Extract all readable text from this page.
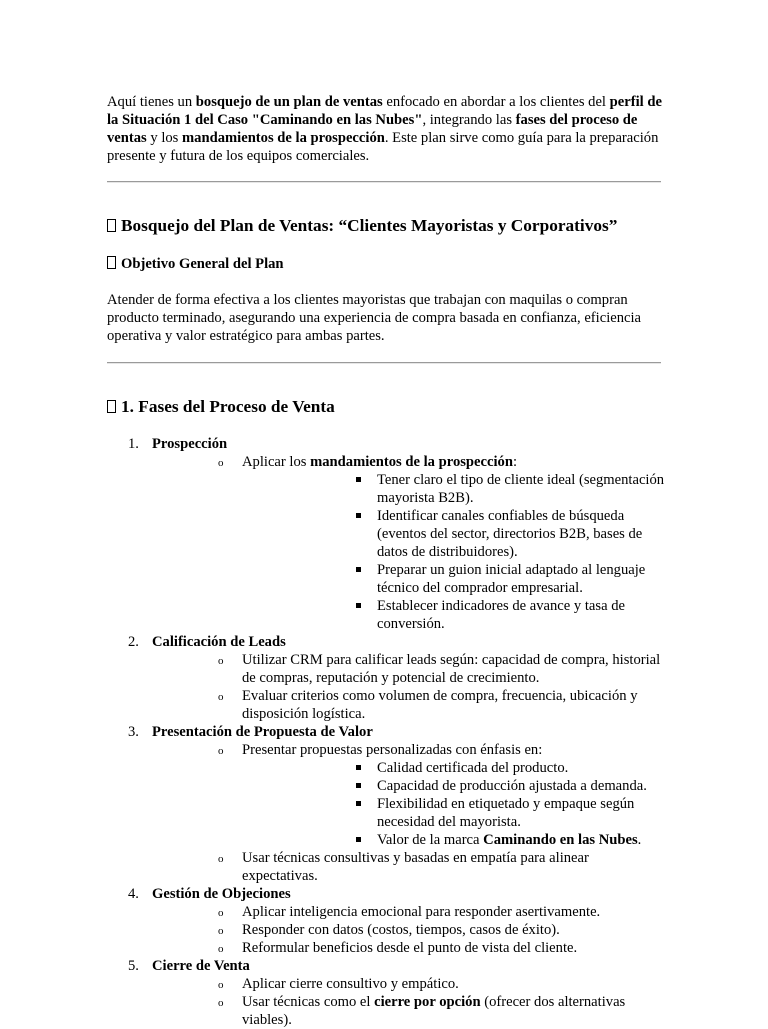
Aquí tienes un bosquejo de un plan de ventas enfocado en abordar a los clientes del perfil de la Situación 1 del Caso "Caminando en las Nubes", integrando las fases del proceso de ventas y los mandamientos de la prospección. Este plan sirve como guía para la preparación presente y futura de los equipos comerciales.

Bosquejo del Plan de Ventas: “Clientes Mayoristas y Corporativos”
Objetivo General del Plan

Atender de forma efectiva a los clientes mayoristas que trabajan con maquilas o compran producto terminado, asegurando una experiencia de compra basada en confianza, eficiencia operativa y valor estratégico para ambas partes.

1. Fases del Proceso de Venta
1. Prospección
o Aplicar los mandamientos de la prospección:
Tener claro el tipo de cliente ideal (segmentación mayorista B2B).
Identificar canales confiables de búsqueda (eventos del sector, directorios B2B, bases de datos de distribuidores).
Preparar un guion inicial adaptado al lenguaje técnico del comprador empresarial.
Establecer indicadores de avance y tasa de conversión.
2. Calificación de Leads
o Utilizar CRM para calificar leads según: capacidad de compra, historial de compras, reputación y potencial de crecimiento.
o Evaluar criterios como volumen de compra, frecuencia, ubicación y disposición logística.
3. Presentación de Propuesta de Valor
o Presentar propuestas personalizadas con énfasis en:
Calidad certificada del producto.
Capacidad de producción ajustada a demanda.
Flexibilidad en etiquetado y empaque según necesidad del mayorista.
Valor de la marca Caminando en las Nubes.
o Usar técnicas consultivas y basadas en empatía para alinear expectativas.
4. Gestión de Objeciones
o Aplicar inteligencia emocional para responder asertivamente.
o Responder con datos (costos, tiempos, casos de éxito).
o Reformular beneficios desde el punto de vista del cliente.
5. Cierre de Venta
o Aplicar cierre consultivo y empático.
o Usar técnicas como el cierre por opción (ofrecer dos alternativas viables).
